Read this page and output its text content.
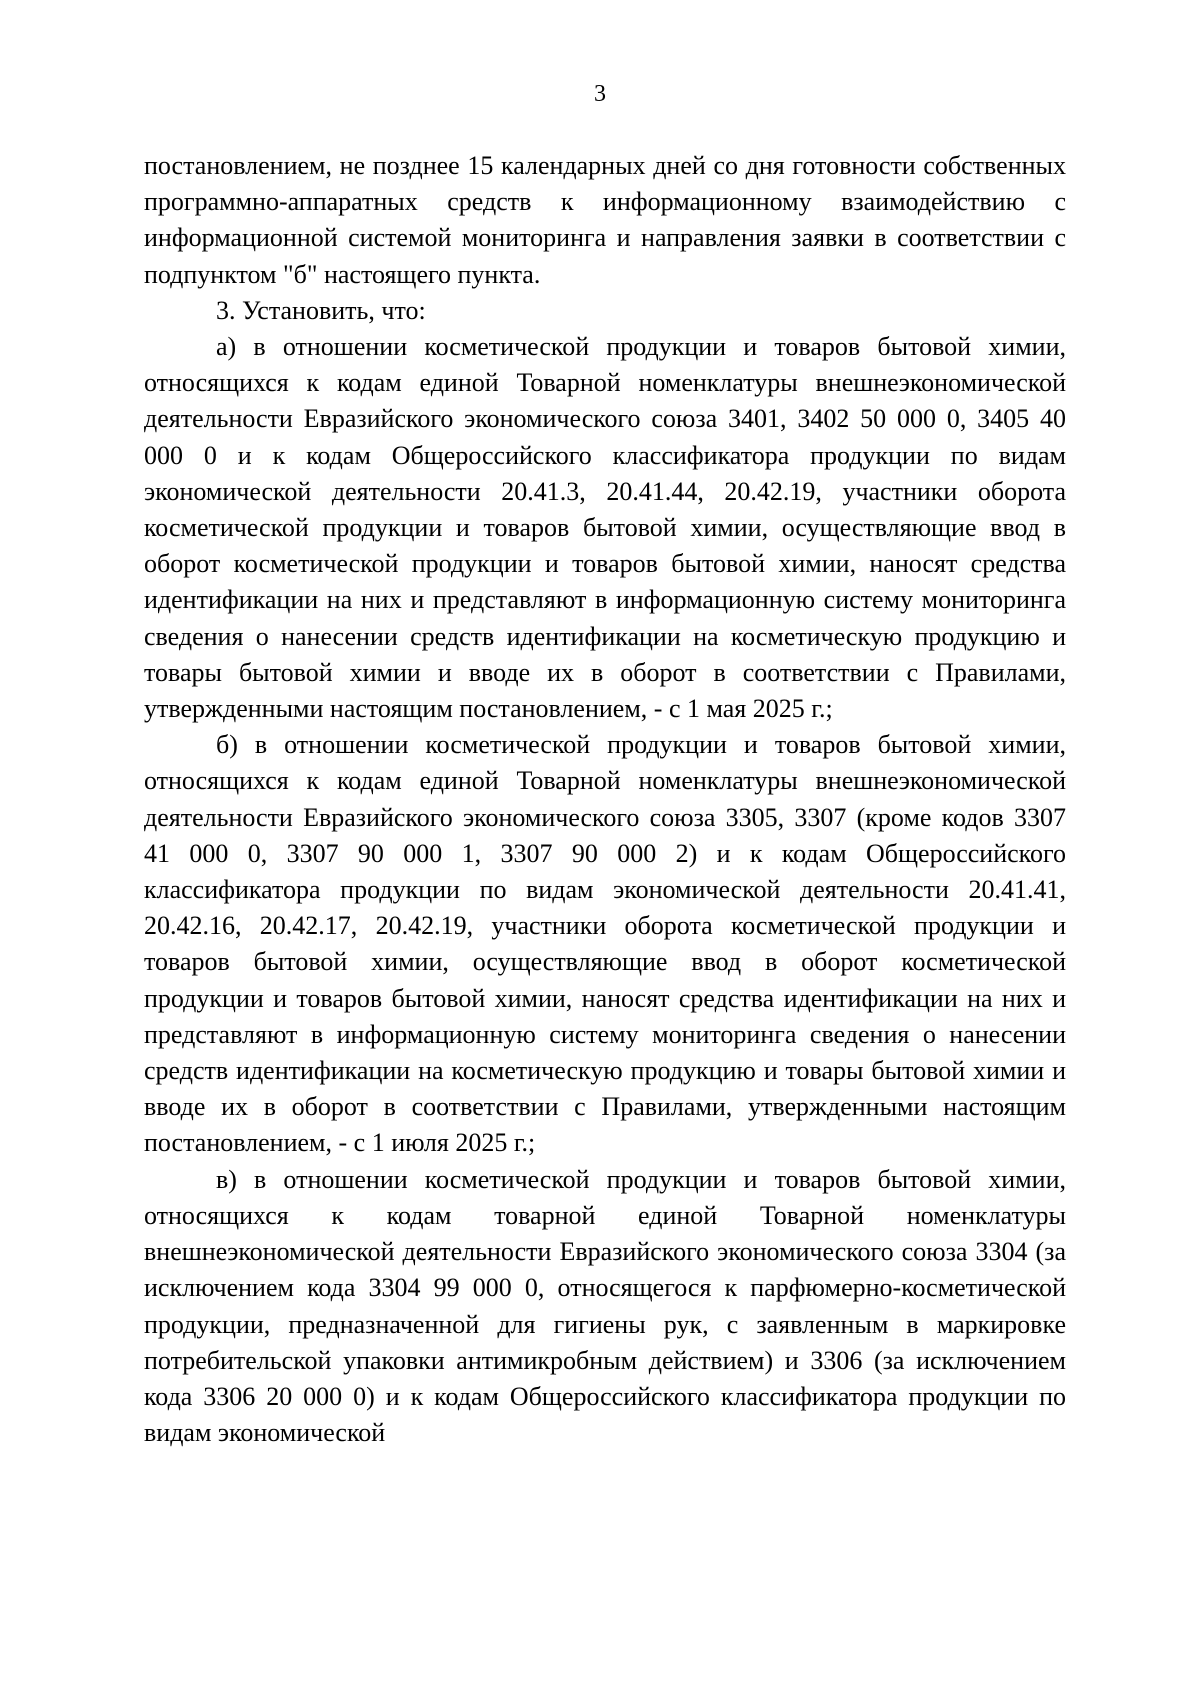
3

постановлением, не позднее 15 календарных дней со дня готовности собственных программно-аппаратных средств к информационному взаимодействию с информационной системой мониторинга и направления заявки в соответствии с подпунктом "б" настоящего пункта.

3. Установить, что:

а) в отношении косметической продукции и товаров бытовой химии, относящихся к кодам единой Товарной номенклатуры внешнеэкономической деятельности Евразийского экономического союза 3401, 3402 50 000 0, 3405 40 000 0 и к кодам Общероссийского классификатора продукции по видам экономической деятельности 20.41.3, 20.41.44, 20.42.19, участники оборота косметической продукции и товаров бытовой химии, осуществляющие ввод в оборот косметической продукции и товаров бытовой химии, наносят средства идентификации на них и представляют в информационную систему мониторинга сведения о нанесении средств идентификации на косметическую продукцию и товары бытовой химии и вводе их в оборот в соответствии с Правилами, утвержденными настоящим постановлением, - с 1 мая 2025 г.;

б) в отношении косметической продукции и товаров бытовой химии, относящихся к кодам единой Товарной номенклатуры внешнеэкономической деятельности Евразийского экономического союза 3305, 3307 (кроме кодов 3307 41 000 0, 3307 90 000 1, 3307 90 000 2) и к кодам Общероссийского классификатора продукции по видам экономической деятельности 20.41.41, 20.42.16, 20.42.17, 20.42.19, участники оборота косметической продукции и товаров бытовой химии, осуществляющие ввод в оборот косметической продукции и товаров бытовой химии, наносят средства идентификации на них и представляют в информационную систему мониторинга сведения о нанесении средств идентификации на косметическую продукцию и товары бытовой химии и вводе их в оборот в соответствии с Правилами, утвержденными настоящим постановлением, - с 1 июля 2025 г.;

в) в отношении косметической продукции и товаров бытовой химии, относящихся к кодам товарной единой Товарной номенклатуры внешнеэкономической деятельности Евразийского экономического союза 3304 (за исключением кода 3304 99 000 0, относящегося к парфюмерно-косметической продукции, предназначенной для гигиены рук, с заявленным в маркировке потребительской упаковки антимикробным действием) и 3306 (за исключением кода 3306 20 000 0) и к кодам Общероссийского классификатора продукции по видам экономической
